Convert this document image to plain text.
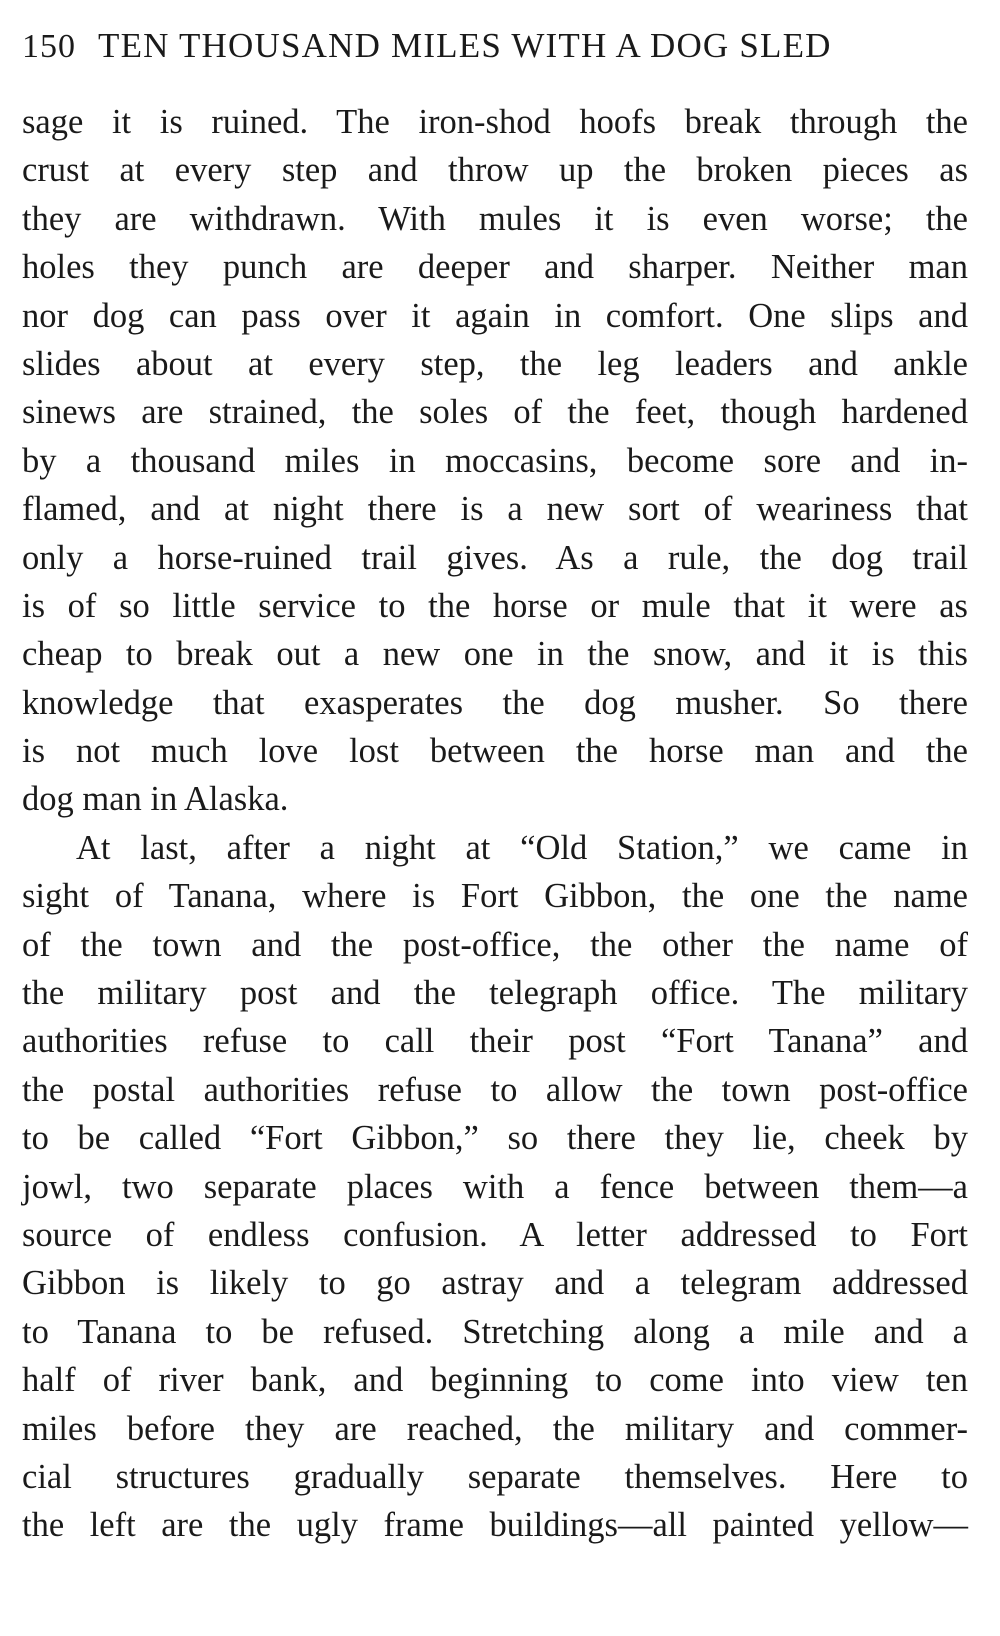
150 TEN THOUSAND MILES WITH A DOG SLED
sage it is ruined. The iron-shod hoofs break through the
crust at every step and throw up the broken pieces as
they are withdrawn. With mules it is even worse; the
holes they punch are deeper and sharper. Neither man
nor dog can pass over it again in comfort. One slips and
slides about at every step, the leg leaders and ankle
sinews are strained, the soles of the feet, though hardened
by a thousand miles in moccasins, become sore and in-
flamed, and at night there is a new sort of weariness that
only a horse-ruined trail gives. As a rule, the dog trail
is of so little service to the horse or mule that it were as
cheap to break out a new one in the snow, and it is this
knowledge that exasperates the dog musher. So there
is not much love lost between the horse man and the
dog man in Alaska.
At last, after a night at “Old Station,” we came in
sight of Tanana, where is Fort Gibbon, the one the name
of the town and the post-office, the other the name of
the military post and the telegraph office. The military
authorities refuse to call their post “Fort Tanana” and
the postal authorities refuse to allow the town post-office
to be called “Fort Gibbon,” so there they lie, cheek by
jowl, two separate places with a fence between them—a
source of endless confusion. A letter addressed to Fort
Gibbon is likely to go astray and a telegram addressed
to Tanana to be refused. Stretching along a mile and a
half of river bank, and beginning to come into view ten
miles before they are reached, the military and commer-
cial structures gradually separate themselves. Here to
the left are the ugly frame buildings—all painted yellow—
